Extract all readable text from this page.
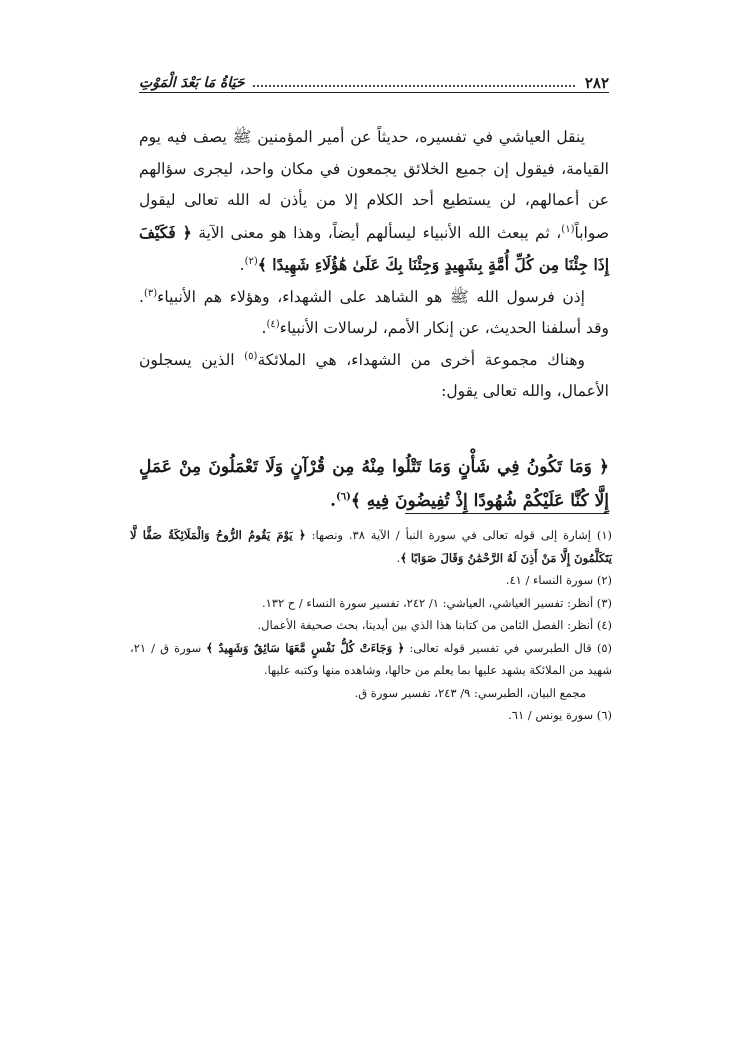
٢٨٢
حَيَاةُ مَا بَعْدَ الْمَوْتِ

ينقل العياشي في تفسيره، حديثاً عن أمير المؤمنين ﷺ يصف فيه يوم القيامة، فيقول إن جميع الخلائق يجمعون في مكان واحد، ليجرى سؤالهم عن أعمالهم، لن يستطيع أحد الكلام إلا من يأذن له الله تعالى ليقول صواباً$^{(١)}$، ثم يبعث الله الأنبياء ليسألهم أيضاً، وهذا هو معنى الآية ﴿ فَكَيْفَ إِذَا جِئْنَا مِن كُلِّ أُمَّةٍ بِشَهِيدٍ وَجِئْنَا بِكَ عَلَىٰ هَٰؤُلَاءِ شَهِيدًا ﴾$^{(٢)}$.

إذن فرسول الله ﷺ هو الشاهد على الشهداء، وهؤلاء هم الأنبياء$^{(٣)}$. وقد أسلفنا الحديث، عن إنكار الأمم، لرسالات الأنبياء$^{(٤)}$.

وهناك مجموعة أخرى من الشهداء، هي الملائكة$^{(٥)}$ الذين يسجلون الأعمال، والله تعالى يقول:

﴿ وَمَا تَكُونُ فِي شَأْنٍ وَمَا تَتْلُوا مِنْهُ مِن قُرْآنٍ وَلَا تَعْمَلُونَ مِنْ عَمَلٍ إِلَّا كُنَّا عَلَيْكُمْ شُهُودًا إِذْ تُفِيضُونَ فِيهِ ﴾$^{(٦)}$.

(١) إشارة إلى قوله تعالى في سورة النبأ / الآية ٣٨. ونصها: ﴿ يَوْمَ يَقُومُ الرُّوحُ وَالْمَلَائِكَةُ صَفًّا لَّا يَتَكَلَّمُونَ إِلَّا مَنْ أَذِنَ لَهُ الرَّحْمَٰنُ وَقَالَ صَوَابًا ﴾.

(٢) سورة النساء / ٤١.

(٣) أنظر: تفسير العياشي، العياشي: ١/ ٢٤٢، تفسير سورة النساء / ح ١٣٢.

(٤) أنظر: الفصل الثامن من كتابنا هذا الذي بين أيدينا، بحث صحيفة الأعمال.

(٥) قال الطبرسي في تفسير قوله تعالى: ﴿ وَجَاءَتْ كُلُّ نَفْسٍ مَّعَهَا سَائِقٌ وَشَهِيدٌ ﴾ سورة ق / ٢١، شهيد من الملائكة يشهد عليها بما يعلم من حالها، وشاهده منها وكتبه عليها.

مجمع البيان، الطبرسي: ٩/ ٢٤٣، تفسير سورة ق.

(٦) سورة يونس / ٦١.
